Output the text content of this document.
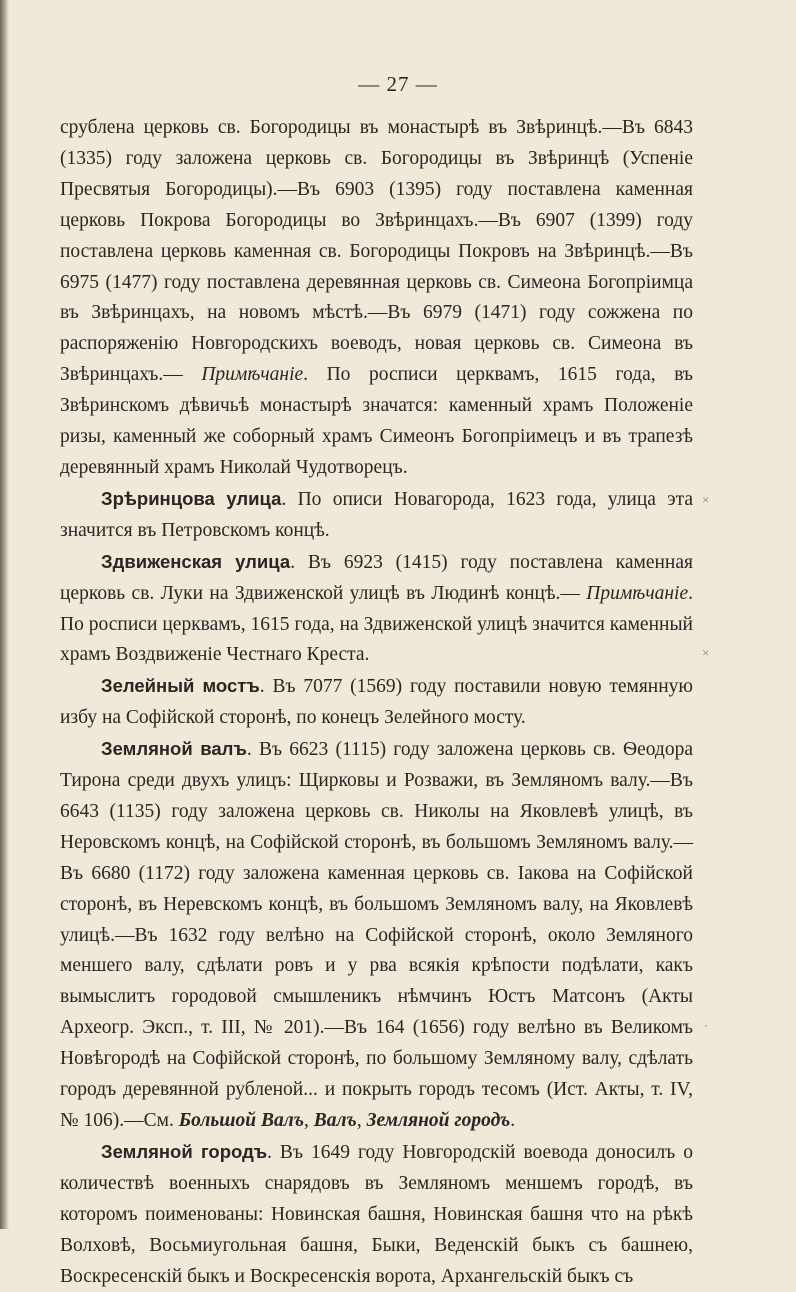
— 27 —

срублена церковь св. Богородицы въ монастырѣ въ Звѣринцѣ.—Въ 6843 (1335) году заложена церковь св. Богородицы въ Звѣринцѣ (Успеніе Пресвятыя Богородицы).—Въ 6903 (1395) году поставлена каменная церковь Покрова Богородицы во Звѣринцахъ.—Въ 6907 (1399) году поставлена церковь каменная св. Богородицы Покровъ на Звѣринцѣ.—Въ 6975 (1477) году поставлена деревянная церковь св. Симеона Богопріимца въ Звѣринцахъ, на новомъ мѣстѣ.—Въ 6979 (1471) году сожжена по распоряженію Новгородскихъ воеводъ, новая церковь св. Симеона въ Звѣринцахъ.— Примѣчаніе. По росписи церквамъ, 1615 года, въ Звѣринскомъ дѣвичьѣ монастырѣ значатся: каменный храмъ Положеніе ризы, каменный же соборный храмъ Симеонъ Богопріимецъ и въ трапезѣ деревянный храмъ Николай Чудотворецъ.

Зрѣринцова улица. По описи Новагорода, 1623 года, улица эта значится въ Петровскомъ концѣ.

Здвиженская улица. Въ 6923 (1415) году поставлена каменная церковь св. Луки на Здвиженской улицѣ въ Людинѣ концѣ.— Примѣчаніе. По росписи церквамъ, 1615 года, на Здвиженской улицѣ значится каменный храмъ Воздвиженіе Честнаго Креста.

Зелейный мостъ. Въ 7077 (1569) году поставили новую темянную избу на Софійской сторонѣ, по конецъ Зелейного мосту.

Земляной валъ. Въ 6623 (1115) году заложена церковь св. Ѳеодора Тирона среди двухъ улицъ: Щирковы и Розважи, въ Земляномъ валу.—Въ 6643 (1135) году заложена церковь св. Николы на Яковлевѣ улицѣ, въ Неровскомъ концѣ, на Софійской сторонѣ, въ большомъ Земляномъ валу.—Въ 6680 (1172) году заложена каменная церковь св. Іакова на Софійской сторонѣ, въ Неревскомъ концѣ, въ большомъ Земляномъ валу, на Яковлевѣ улицѣ.—Въ 1632 году велѣно на Софійской сторонѣ, около Земляного меншего валу, сдѣлати ровъ и у рва всякія крѣпости подѣлати, какъ вымыслитъ городовой смышленикъ нѣмчинъ Юстъ Матсонъ (Акты Археогр. Эксп., т. III, № 201).—Въ 164 (1656) году велѣно въ Великомъ Новѣгородѣ на Софійской сторонѣ, по большому Земляному валу, сдѣлать городъ деревянной рубленой... и покрыть городъ тесомъ (Ист. Акты, т. IV, № 106).—См. Большой Валъ, Валъ, Земляной городъ.

Земляной городъ. Въ 1649 году Новгородскій воевода доносилъ о количествѣ военныхъ снарядовъ въ Земляномъ меншемъ городѣ, въ которомъ поименованы: Новинская башня, Новинская башня что на рѣкѣ Волховѣ, Восьмиугольная башня, Быки, Веденскій быкъ съ башнею, Воскресенскій быкъ и Воскресенскія ворота, Архангельскій быкъ съ

×
×
·
